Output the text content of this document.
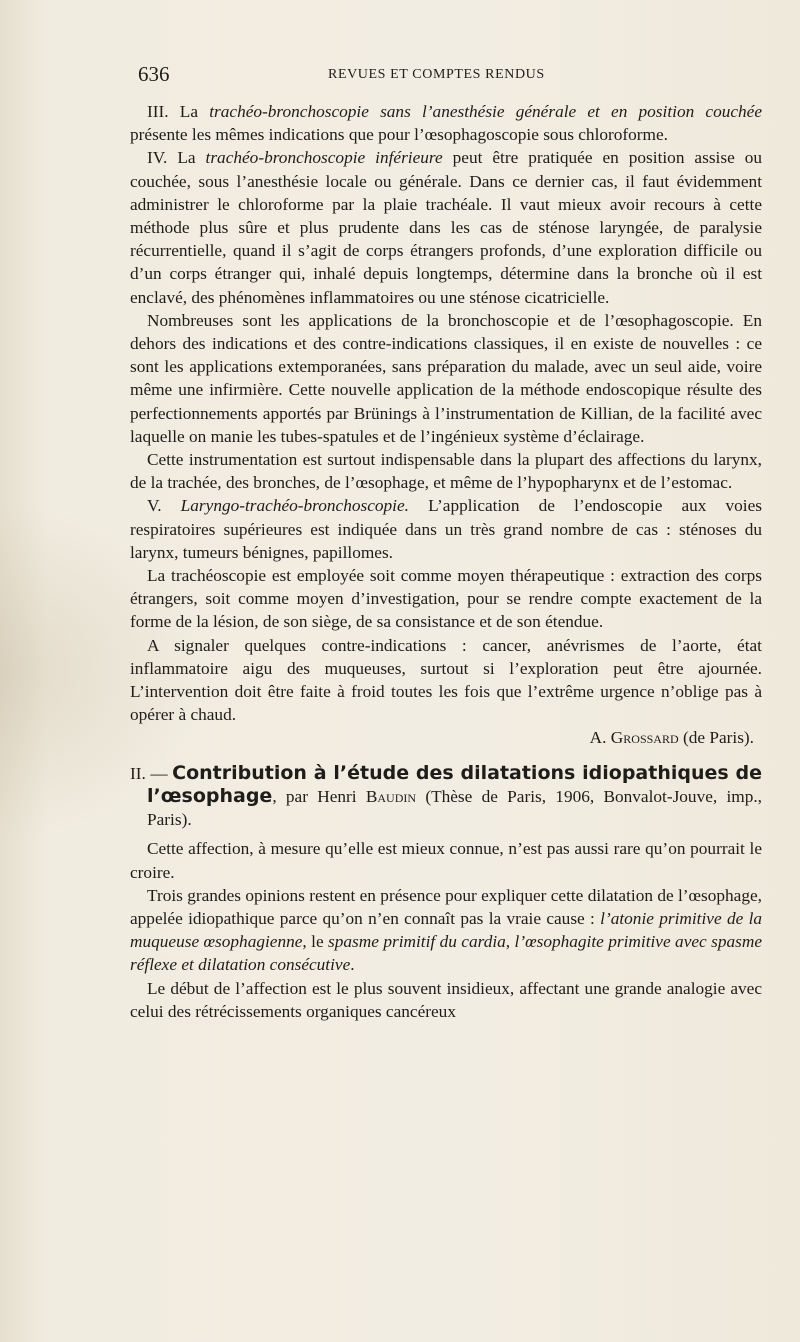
636	REVUES ET COMPTES RENDUS

III. La trachéo-bronchoscopie sans l’anesthésie générale et en position couchée présente les mêmes indications que pour l’œsophagoscopie sous chloroforme.

IV. La trachéo-bronchoscopie inférieure peut être pratiquée en position assise ou couchée, sous l’anesthésie locale ou générale. Dans ce dernier cas, il faut évidemment administrer le chloroforme par la plaie trachéale. Il vaut mieux avoir recours à cette méthode plus sûre et plus prudente dans les cas de sténose laryngée, de paralysie récurrentielle, quand il s’agit de corps étrangers profonds, d’une exploration difficile ou d’un corps étranger qui, inhalé depuis longtemps, détermine dans la bronche où il est enclavé, des phénomènes inflammatoires ou une sténose cicatricielle.

Nombreuses sont les applications de la bronchoscopie et de l’œsophagoscopie. En dehors des indications et des contre-indications classiques, il en existe de nouvelles : ce sont les applications extemporanées, sans préparation du malade, avec un seul aide, voire même une infirmière. Cette nouvelle application de la méthode endoscopique résulte des perfectionnements apportés par Brünings à l’instrumentation de Killian, de la facilité avec laquelle on manie les tubes-spatules et de l’ingénieux système d’éclairage.

Cette instrumentation est surtout indispensable dans la plupart des affections du larynx, de la trachée, des bronches, de l’œsophage, et même de l’hypopharynx et de l’estomac.

V. Laryngo-trachéo-bronchoscopie. L’application de l’endoscopie aux voies respiratoires supérieures est indiquée dans un très grand nombre de cas : sténoses du larynx, tumeurs bénignes, papillomes.

La trachéoscopie est employée soit comme moyen thérapeutique : extraction des corps étrangers, soit comme moyen d’investigation, pour se rendre compte exactement de la forme de la lésion, de son siège, de sa consistance et de son étendue.

A signaler quelques contre-indications : cancer, anévrismes de l’aorte, état inflammatoire aigu des muqueuses, surtout si l’exploration peut être ajournée. L’intervention doit être faite à froid toutes les fois que l’extrême urgence n’oblige pas à opérer à chaud.

A. Grossard (de Paris).

II. — Contribution à l’étude des dilatations idiopathiques de l’œsophage, par Henri Baudin (Thèse de Paris, 1906, Bonvalot-Jouve, imp., Paris).

Cette affection, à mesure qu’elle est mieux connue, n’est pas aussi rare qu’on pourrait le croire.

Trois grandes opinions restent en présence pour expliquer cette dilatation de l’œsophage, appelée idiopathique parce qu’on n’en connaît pas la vraie cause : l’atonie primitive de la muqueuse œsophagienne, le spasme primitif du cardia, l’œsophagite primitive avec spasme réflexe et dilatation consécutive.

Le début de l’affection est le plus souvent insidieux, affectant une grande analogie avec celui des rétrécissements organiques cancéreux
